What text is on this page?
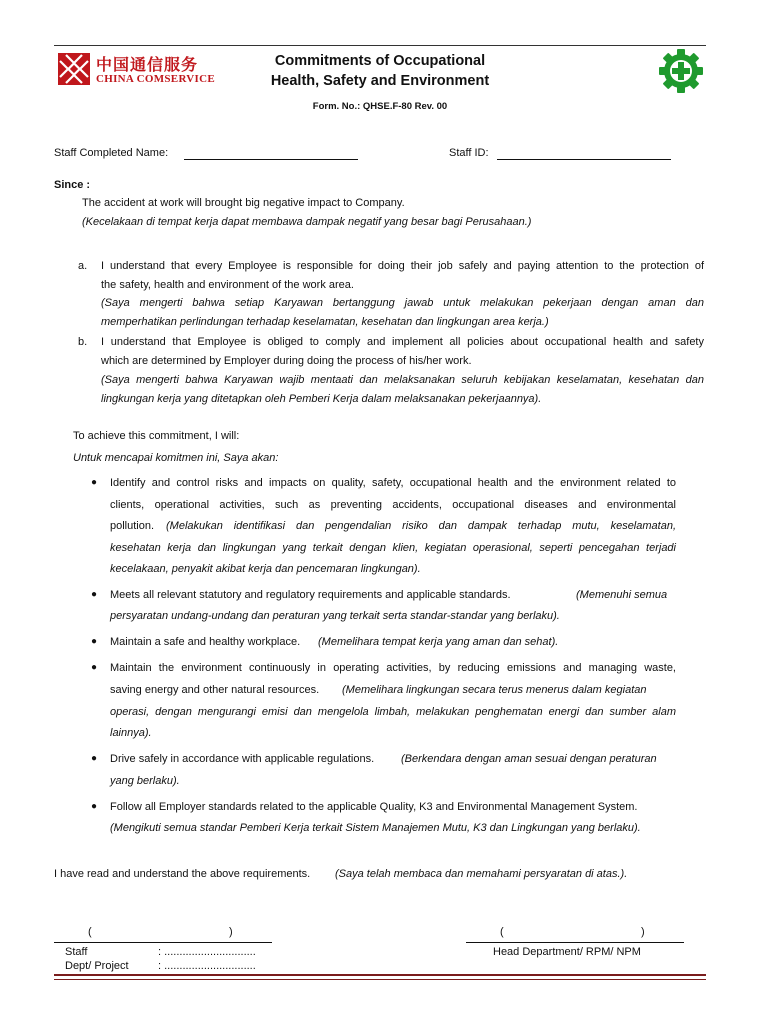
中国通信服务
CHINA COMSERVICE
Commitments of Occupational
Health, Safety and Environment
Form. No.: QHSE.F-80 Rev. 00
Staff Completed Name:	Staff ID:
Since :
The accident at work will brought big negative impact to Company.
(Kecelakaan di tempat kerja dapat membawa dampak negatif yang besar bagi Perusahaan.)
a. I understand that every Employee is responsible for doing their job safely and paying attention to the protection of
the safety, health and environment of the work area.
(Saya mengerti bahwa setiap Karyawan bertanggung jawab untuk melakukan pekerjaan dengan aman dan
memperhatikan perlindungan terhadap keselamatan, kesehatan dan lingkungan area kerja.)
b. I understand that Employee is obliged to comply and implement all policies about occupational health and safety
which are determined by Employer during doing the process of his/her work.
(Saya mengerti bahwa Karyawan wajib mentaati dan melaksanakan seluruh kebijakan keselamatan, kesehatan dan
lingkungan kerja yang ditetapkan oleh Pemberi Kerja dalam melaksanakan pekerjaannya).
To achieve this commitment, I will:
Untuk mencapai komitmen ini, Saya akan:
● Identify and control risks and impacts on quality, safety, occupational health and the environment related to
clients, operational activities, such as preventing accidents, occupational diseases and environmental
pollution. (Melakukan identifikasi dan pengendalian risiko dan dampak terhadap mutu, keselamatan,
kesehatan kerja dan lingkungan yang terkait dengan klien, kegiatan operasional, seperti pencegahan terjadi
kecelakaan, penyakit akibat kerja dan pencemaran lingkungan).
● Meets all relevant statutory and regulatory requirements and applicable standards.	(Memenuhi semua
persyaratan undang-undang dan peraturan yang terkait serta standar-standar yang berlaku).
● Maintain a safe and healthy workplace. (Memelihara tempat kerja yang aman dan sehat).
● Maintain the environment continuously in operating activities, by reducing emissions and managing waste,
saving energy and other natural resources. (Memelihara lingkungan secara terus menerus dalam kegiatan
operasi, dengan mengurangi emisi dan mengelola limbah, melakukan penghematan energi dan sumber alam
lainnya).
● Drive safely in accordance with applicable regulations. (Berkendara dengan aman sesuai dengan peraturan
yang berlaku).
● Follow all Employer standards related to the applicable Quality, K3 and Environmental Management System.
(Mengikuti semua standar Pemberi Kerja terkait Sistem Manajemen Mutu, K3 dan Lingkungan yang berlaku).
I have read and understand the above requirements. (Saya telah membaca dan memahami persyaratan di atas.).
(	)	(	)
Staff	: ..............................
Dept/ Project	: ..............................
Head Department/ RPM/ NPM
